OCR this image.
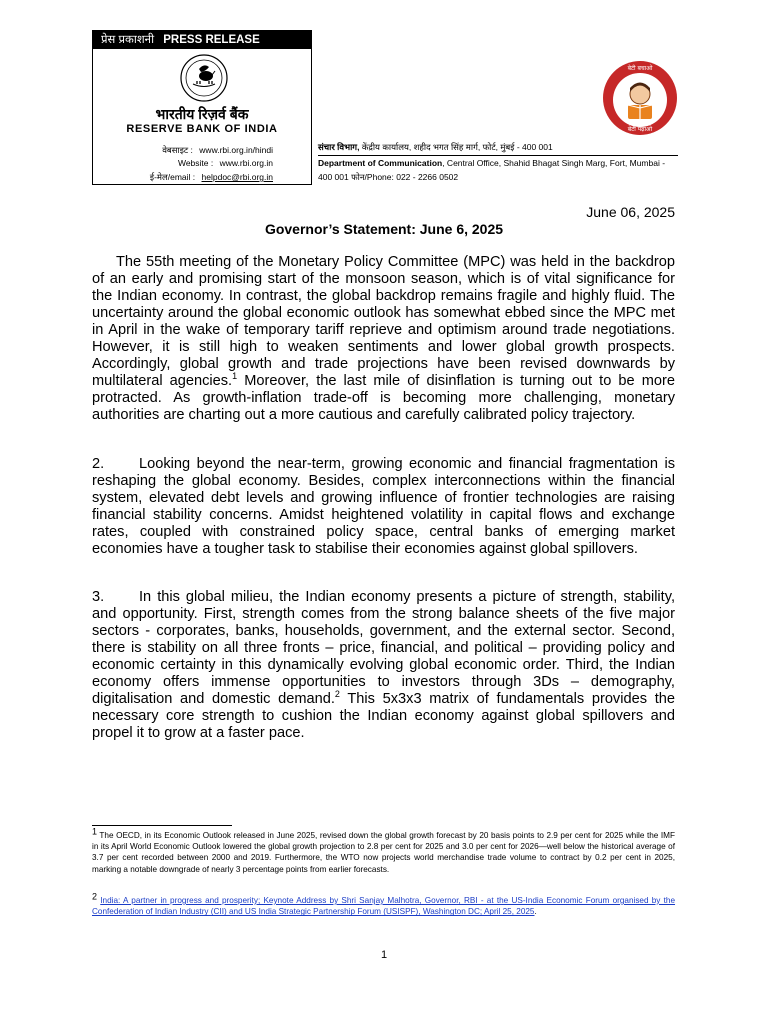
प्रेस प्रकाशनी PRESS RELEASE
भारतीय रिज़र्व बैंक
RESERVE BANK OF INDIA
वेबसाइट : www.rbi.org.in/hindi
Website : www.rbi.org.in
ई-मेल/email : helpdoc@rbi.org.in
संचार विभाग, केंद्रीय कार्यालय, शहीद भगत सिंह मार्ग, फोर्ट, मुंबई - 400 001
Department of Communication, Central Office, Shahid Bhagat Singh Marg, Fort, Mumbai - 400 001 फोन/Phone: 022 - 2266 0502
बेटी बचाओ
बेटी पढ़ाओ
June 06, 2025
Governor’s Statement: June 6, 2025

The 55th meeting of the Monetary Policy Committee (MPC) was held in the backdrop of an early and promising start of the monsoon season, which is of vital significance for the Indian economy. In contrast, the global backdrop remains fragile and highly fluid. The uncertainty around the global economic outlook has somewhat ebbed since the MPC met in April in the wake of temporary tariff reprieve and optimism around trade negotiations. However, it is still high to weaken sentiments and lower global growth prospects. Accordingly, global growth and trade projections have been revised downwards by multilateral agencies.$^1$ Moreover, the last mile of disinflation is turning out to be more protracted. As growth-inflation trade-off is becoming more challenging, monetary authorities are charting out a more cautious and carefully calibrated policy trajectory.

2. Looking beyond the near-term, growing economic and financial fragmentation is reshaping the global economy. Besides, complex interconnections within the financial system, elevated debt levels and growing influence of frontier technologies are raising financial stability concerns. Amidst heightened volatility in capital flows and exchange rates, coupled with constrained policy space, central banks of emerging market economies have a tougher task to stabilise their economies against global spillovers.

3. In this global milieu, the Indian economy presents a picture of strength, stability, and opportunity. First, strength comes from the strong balance sheets of the five major sectors - corporates, banks, households, government, and the external sector. Second, there is stability on all three fronts – price, financial, and political – providing policy and economic certainty in this dynamically evolving global economic order. Third, the Indian economy offers immense opportunities to investors through 3Ds – demography, digitalisation and domestic demand.$^2$ This 5x3x3 matrix of fundamentals provides the necessary core strength to cushion the Indian economy against global spillovers and propel it to grow at a faster pace.

$^1$ The OECD, in its Economic Outlook released in June 2025, revised down the global growth forecast by 20 basis points to 2.9 per cent for 2025 while the IMF in its April World Economic Outlook lowered the global growth projection to 2.8 per cent for 2025 and 3.0 per cent for 2026—well below the historical average of 3.7 per cent recorded between 2000 and 2019. Furthermore, the WTO now projects world merchandise trade volume to contract by 0.2 per cent in 2025, marking a notable downgrade of nearly 3 percentage points from earlier forecasts.

$^2$ India: A partner in progress and prosperity; Keynote Address by Shri Sanjay Malhotra, Governor, RBI - at the US-India Economic Forum organised by the Confederation of Indian Industry (CII) and US India Strategic Partnership Forum (USISPF), Washington DC; April 25, 2025.

1
